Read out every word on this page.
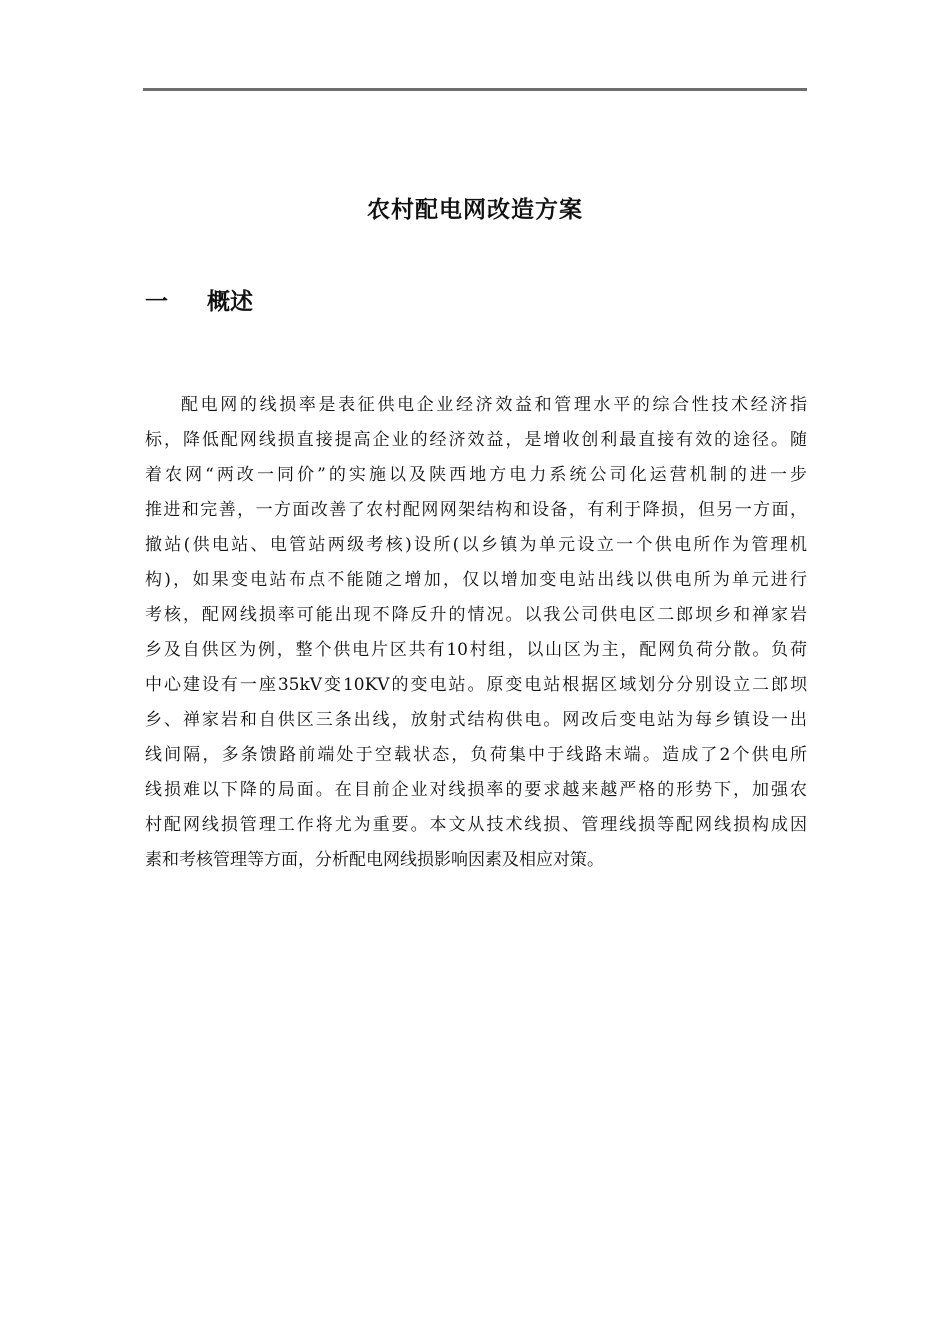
农村配电网改造方案
一 概述
配电网的线损率是表征供电企业经济效益和管理水平的综合性技术经济指
标，降低配网线损直接提高企业的经济效益，是增收创利最直接有效的途径。随
着农网“两改一同价”的实施以及陕西地方电力系统公司化运营机制的进一步
推进和完善，一方面改善了农村配网网架结构和设备，有利于降损，但另一方面，
撤站(供电站、电管站两级考核)设所(以乡镇为单元设立一个供电所作为管理机
构)，如果变电站布点不能随之增加，仅以增加变电站出线以供电所为单元进行
考核，配网线损率可能出现不降反升的情况。以我公司供电区二郎坝乡和禅家岩
乡及自供区为例，整个供电片区共有10村组，以山区为主，配网负荷分散。负荷
中心建设有一座35kV变10KV的变电站。原变电站根据区域划分分别设立二郎坝
乡、禅家岩和自供区三条出线，放射式结构供电。网改后变电站为每乡镇设一出
线间隔，多条馈路前端处于空载状态，负荷集中于线路末端。造成了2个供电所
线损难以下降的局面。在目前企业对线损率的要求越来越严格的形势下，加强农
村配网线损管理工作将尤为重要。本文从技术线损、管理线损等配网线损构成因
素和考核管理等方面，分析配电网线损影响因素及相应对策。
